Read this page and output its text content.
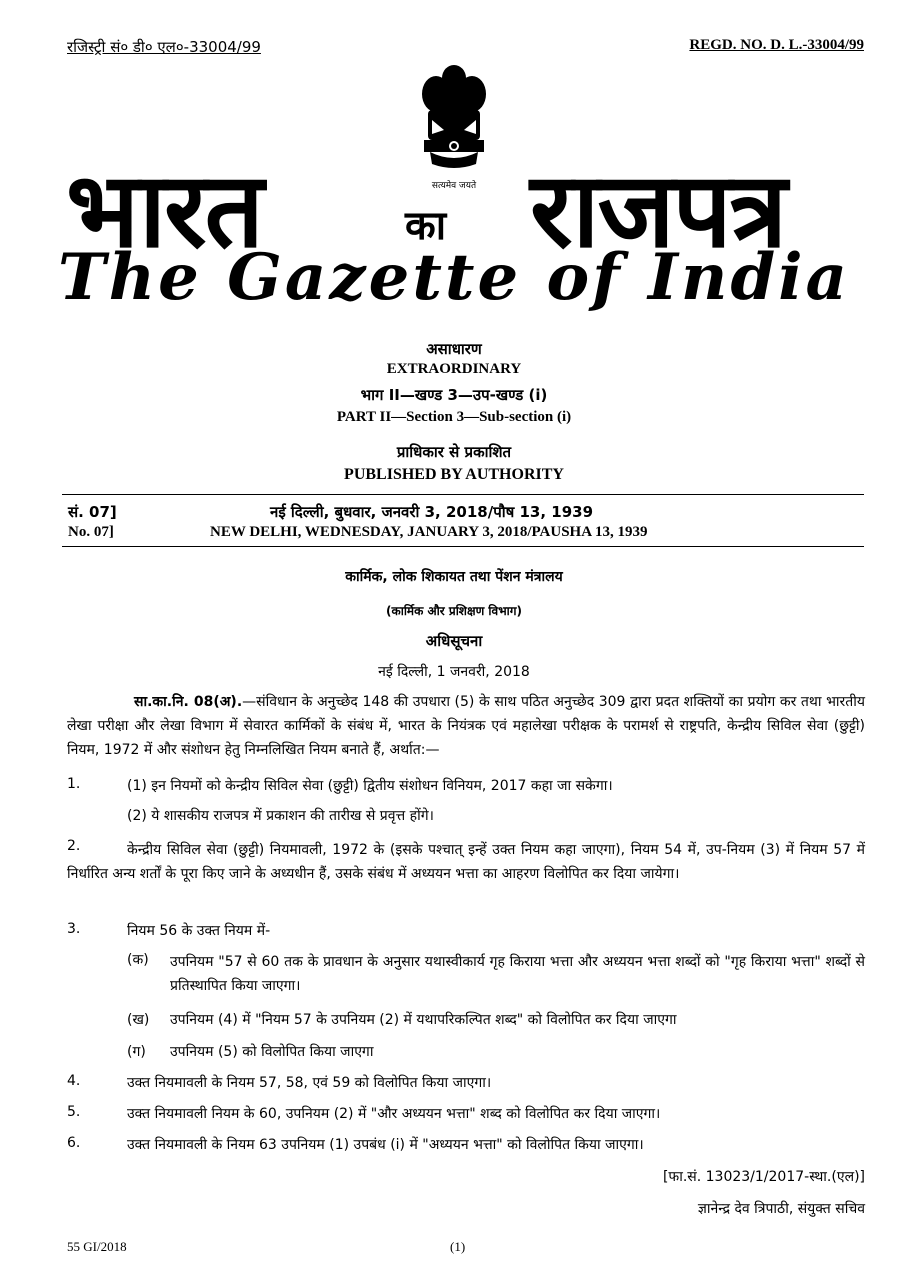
रजिस्ट्री सं० डी० एल०-33004/99	REGD. NO. D. L.-33004/99
सत्यमेव जयते
भारत	का राजपत्र
The Gazette of India
असाधारण
EXTRAORDINARY
भाग II—खण्ड 3—उप-खण्ड (i)
PART II—Section 3—Sub-section (i)
प्राधिकार से प्रकाशित
PUBLISHED BY AUTHORITY
सं. 07]	नई दिल्ली, बुधवार, जनवरी 3, 2018/पौष 13, 1939
No. 07]	NEW DELHI, WEDNESDAY, JANUARY 3, 2018/PAUSHA 13, 1939
कार्मिक, लोक शिकायत तथा पेंशन मंत्रालय
(कार्मिक और प्रशिक्षण विभाग)
अधिसूचना
नई दिल्ली, 1 जनवरी, 2018
सा.का.नि. 08(अ).—संविधान के अनुच्छेद 148 की उपधारा (5) के साथ पठित अनुच्छेद 309 द्वारा प्रदत शक्तियों का प्रयोग कर तथा भारतीय लेखा परीक्षा और लेखा विभाग में सेवारत कार्मिकों के संबंध में, भारत के नियंत्रक एवं महालेखा परीक्षक के परामर्श से राष्ट्रपति, केन्द्रीय सिविल सेवा (छुट्टी) नियम, 1972 में और संशोधन हेतु निम्नलिखित नियम बनाते हैं, अर्थात:—
1.	(1) इन नियमों को केन्द्रीय सिविल सेवा (छुट्टी) द्वितीय संशोधन विनियम, 2017 कहा जा सकेगा।
(2) ये शासकीय राजपत्र में प्रकाशन की तारीख से प्रवृत्त होंगे।
2.	केन्द्रीय सिविल सेवा (छुट्टी) नियमावली, 1972 के (इसके पश्चात् इन्हें उक्त नियम कहा जाएगा), नियम 54 में, उप-नियम (3) में नियम 57 में निर्धारित अन्य शर्तों के पूरा किए जाने के अध्यधीन हैं, उसके संबंध में अध्ययन भत्ता का आहरण विलोपित कर दिया जायेगा।
3.	नियम 56 के उक्त नियम में-
(क) उपनियम "57 से 60 तक के प्रावधान के अनुसार यथास्वीकार्य गृह किराया भत्ता और अध्ययन भत्ता शब्दों को "गृह किराया भत्ता" शब्दों से प्रतिस्थापित किया जाएगा।
(ख) उपनियम (4) में "नियम 57 के उपनियम (2) में यथापरिकल्पित शब्द" को विलोपित कर दिया जाएगा
(ग) उपनियम (5) को विलोपित किया जाएगा
4.	उक्त नियमावली के नियम 57, 58, एवं 59 को विलोपित किया जाएगा।
5.	उक्त नियमावली नियम के 60, उपनियम (2) में "और अध्ययन भत्ता" शब्द को विलोपित कर दिया जाएगा।
6.	उक्त नियमावली के नियम 63 उपनियम (1) उपबंध (i) में "अध्ययन भत्ता" को विलोपित किया जाएगा।
[फा.सं. 13023/1/2017-स्था.(एल)]
ज्ञानेन्द्र देव त्रिपाठी, संयुक्त सचिव
55 GI/2018	(1)
